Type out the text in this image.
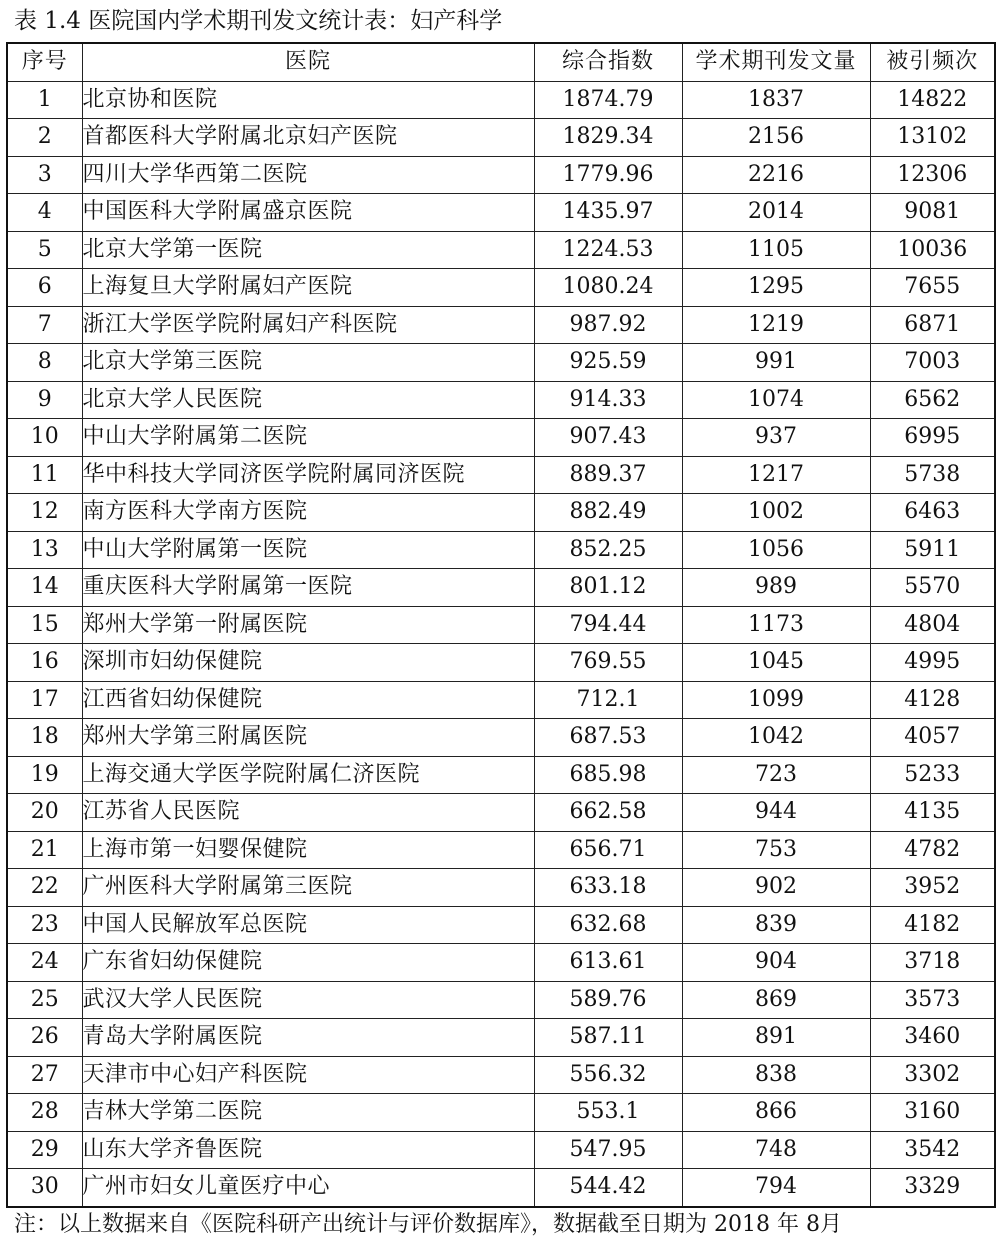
表 1.4 医院国内学术期刊发文统计表：妇产科学
序号	医院	综合指数	学术期刊发文量	被引频次
1	北京协和医院	1874.79	1837	14822
2	首都医科大学附属北京妇产医院	1829.34	2156	13102
3	四川大学华西第二医院	1779.96	2216	12306
4	中国医科大学附属盛京医院	1435.97	2014	9081
5	北京大学第一医院	1224.53	1105	10036
6	上海复旦大学附属妇产医院	1080.24	1295	7655
7	浙江大学医学院附属妇产科医院	987.92	1219	6871
8	北京大学第三医院	925.59	991	7003
9	北京大学人民医院	914.33	1074	6562
10	中山大学附属第二医院	907.43	937	6995
11	华中科技大学同济医学院附属同济医院	889.37	1217	5738
12	南方医科大学南方医院	882.49	1002	6463
13	中山大学附属第一医院	852.25	1056	5911
14	重庆医科大学附属第一医院	801.12	989	5570
15	郑州大学第一附属医院	794.44	1173	4804
16	深圳市妇幼保健院	769.55	1045	4995
17	江西省妇幼保健院	712.1	1099	4128
18	郑州大学第三附属医院	687.53	1042	4057
19	上海交通大学医学院附属仁济医院	685.98	723	5233
20	江苏省人民医院	662.58	944	4135
21	上海市第一妇婴保健院	656.71	753	4782
22	广州医科大学附属第三医院	633.18	902	3952
23	中国人民解放军总医院	632.68	839	4182
24	广东省妇幼保健院	613.61	904	3718
25	武汉大学人民医院	589.76	869	3573
26	青岛大学附属医院	587.11	891	3460
27	天津市中心妇产科医院	556.32	838	3302
28	吉林大学第二医院	553.1	866	3160
29	山东大学齐鲁医院	547.95	748	3542
30	广州市妇女儿童医疗中心	544.42	794	3329
注：以上数据来自《医院科研产出统计与评价数据库》，数据截至日期为 2018 年 8月
